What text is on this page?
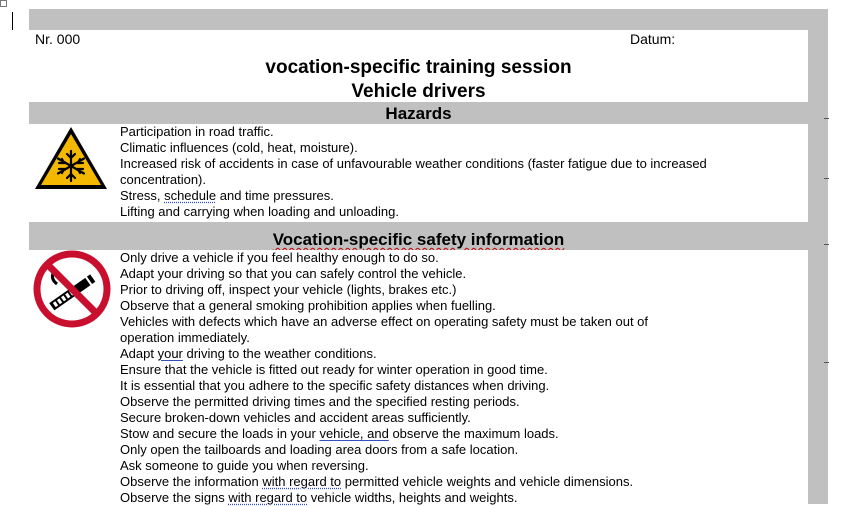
Nr. 000	Datum:
vocation-specific training session
Vehicle drivers
Hazards
Participation in road traffic.
Climatic influences (cold, heat, moisture).
Increased risk of accidents in case of unfavourable weather conditions (faster fatigue due to increased
concentration).
Stress, schedule and time pressures.
Lifting and carrying when loading and unloading.
Vocation-specific safety information
Only drive a vehicle if you feel healthy enough to do so.
Adapt your driving so that you can safely control the vehicle.
Prior to driving off, inspect your vehicle (lights, brakes etc.)
Observe that a general smoking prohibition applies when fuelling.
Vehicles with defects which have an adverse effect on operating safety must be taken out of
operation immediately.
Adapt your driving to the weather conditions.
Ensure that the vehicle is fitted out ready for winter operation in good time.
It is essential that you adhere to the specific safety distances when driving.
Observe the permitted driving times and the specified resting periods.
Secure broken-down vehicles and accident areas sufficiently.
Stow and secure the loads in your vehicle, and observe the maximum loads.
Only open the tailboards and loading area doors from a safe location.
Ask someone to guide you when reversing.
Observe the information with regard to permitted vehicle weights and vehicle dimensions.
Observe the signs with regard to vehicle widths, heights and weights.
